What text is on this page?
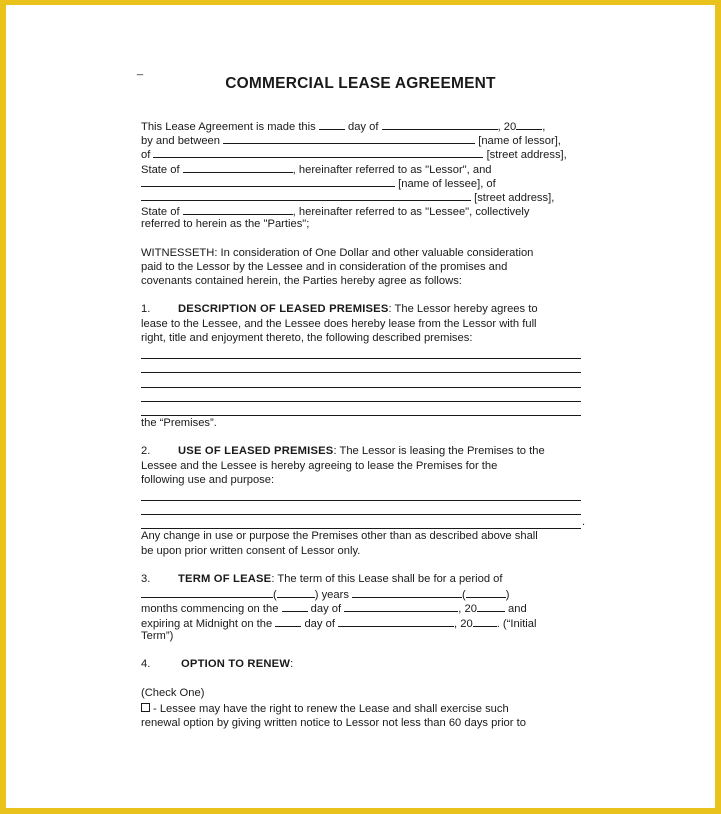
_
COMMERCIAL LEASE AGREEMENT
This Lease Agreement is made this	day of	, 20 ,
by and between	[name of lessor],
of	[street address],
State of	, hereinafter referred to as "Lessor", and
[name of lessee], of
[street address],
State of	, hereinafter referred to as "Lessee", collectively
referred to herein as the "Parties";
WITNESSETH: In consideration of One Dollar and other valuable consideration
paid to the Lessor by the Lessee and in consideration of the promises and
covenants contained herein, the Parties hereby agree as follows:
1. DESCRIPTION OF LEASED PREMISES: The Lessor hereby agrees to
lease to the Lessee, and the Lessee does hereby lease from the Lessor with full
right, title and enjoyment thereto, the following described premises:
the “Premises”.
2. USE OF LEASED PREMISES: The Lessor is leasing the Premises to the
Lessee and the Lessee is hereby agreeing to lease the Premises for the
following use and purpose:
.
Any change in use or purpose the Premises other than as described above shall
be upon prior written consent of Lessor only.
3. TERM OF LEASE: The term of this Lease shall be for a period of
(	) years	(	)
months commencing on the	day of	, 20	and
expiring at Midnight on the	day of	, 20 . (“Initial
Term”)
4.	OPTION TO RENEW:
(Check One)
- Lessee may have the right to renew the Lease and shall exercise such
renewal option by giving written notice to Lessor not less than 60 days prior to
